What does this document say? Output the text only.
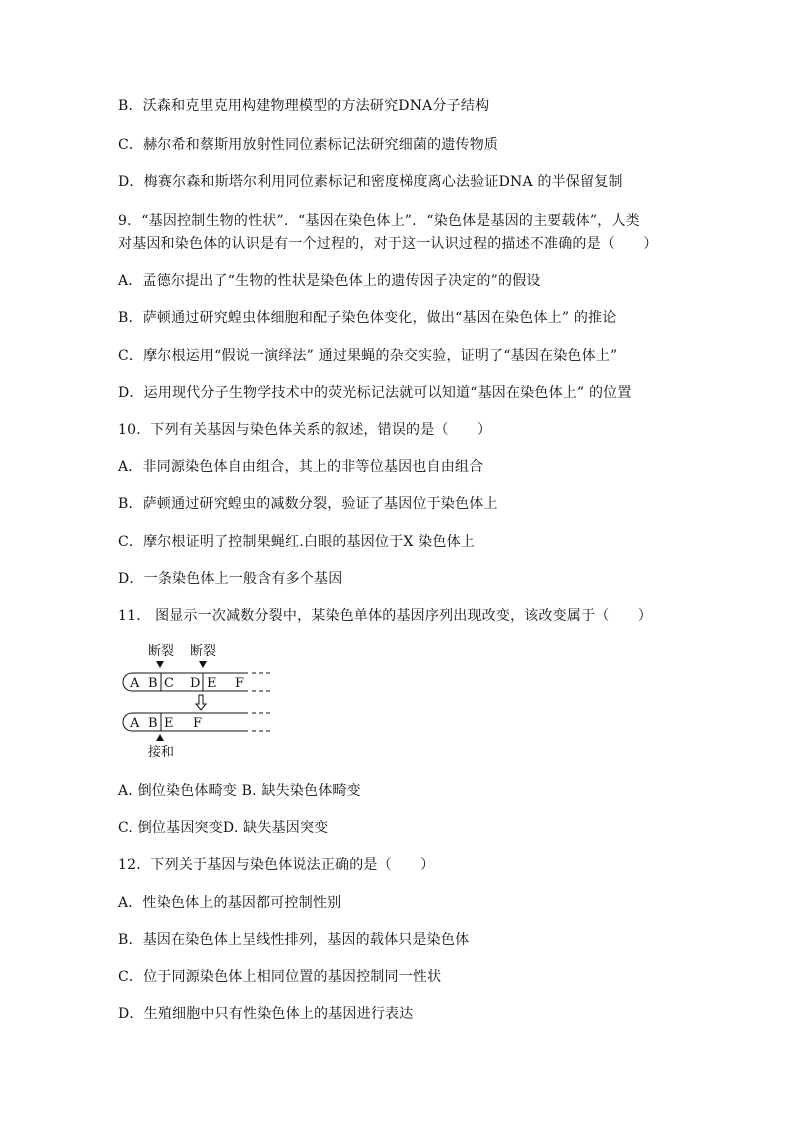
B．沃森和克里克用构建物理模型的方法研究DNA分子结构
C．赫尔希和蔡斯用放射性同位素标记法研究细菌的遗传物质
D．梅赛尔森和斯塔尔利用同位素标记和密度梯度离心法验证DNA 的半保留复制
9．“基因控制生物的性状”．“基因在染色体上”．“染色体是基因的主要载体”，人类
对基因和染色体的认识是有一个过程的，对于这一认识过程的描述不准确的是（　　）
A．孟德尔提出了“生物的性状是染色体上的遗传因子决定的”的假设
B．萨顿通过研究蝗虫体细胞和配子染色体变化，做出“基因在染色体上” 的推论
C．摩尔根运用“假说一演绎法” 通过果蝇的杂交实验，证明了“基因在染色体上”
D．运用现代分子生物学技术中的荧光标记法就可以知道“基因在染色体上” 的位置
10．下列有关基因与染色体关系的叙述，错误的是（　　）
A．非同源染色体自由组合，其上的非等位基因也自由组合
B．萨顿通过研究蝗虫的减数分裂，验证了基因位于染色体上
C．摩尔根证明了控制果蝇红.白眼的基因位于X 染色体上
D．一条染色体上一般含有多个基因
11． 图显示一次减数分裂中，某染色单体的基因序列出现改变，该改变属于（　　）
断裂 断裂
A B C D E F
A B E F
接和
A. 倒位染色体畸变 B. 缺失染色体畸变
C. 倒位基因突变D. 缺失基因突变
12．下列关于基因与染色体说法正确的是（　　）
A．性染色体上的基因都可控制性别
B．基因在染色体上呈线性排列，基因的载体只是染色体
C．位于同源染色体上相同位置的基因控制同一性状
D．生殖细胞中只有性染色体上的基因进行表达
